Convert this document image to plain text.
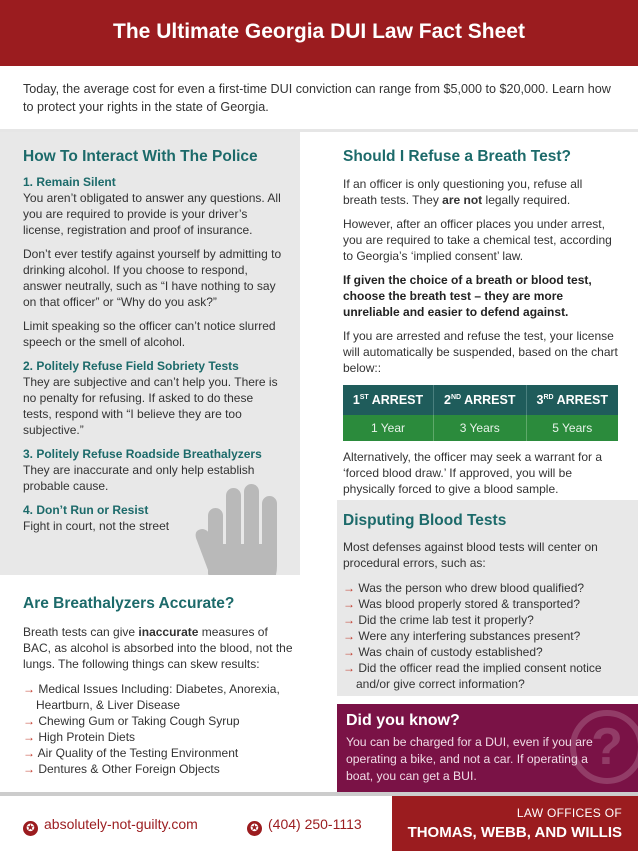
The Ultimate Georgia DUI Law Fact Sheet
Today, the average cost for even a first-time DUI conviction can range from $5,000 to $20,000. Learn how to protect your rights in the state of Georgia.
How To Interact With The Police
1. Remain Silent
You aren’t obligated to answer any questions. All you are required to provide is your driver’s license, registration and proof of insurance.
Don’t ever testify against yourself by admitting to drinking alcohol. If you choose to respond, answer neutrally, such as “I have nothing to say on that officer” or “Why do you ask?”
Limit speaking so the officer can’t notice slurred speech or the smell of alcohol.
2. Politely Refuse Field Sobriety Tests
They are subjective and can’t help you. There is no penalty for refusing. If asked to do these tests, respond with “I believe they are too subjective.”
3. Politely Refuse Roadside Breathalyzers
They are inaccurate and only help establish probable cause.
4. Don’t Run or Resist
Fight in court, not the street
Are Breathalyzers Accurate?
Breath tests can give inaccurate measures of BAC, as alcohol is absorbed into the blood, not the lungs. The following things can skew results:
→ Medical Issues Including: Diabetes, Anorexia, Heartburn, & Liver Disease
→ Chewing Gum or Taking Cough Syrup
→ High Protein Diets
→ Air Quality of the Testing Environment
→ Dentures & Other Foreign Objects
Should I Refuse a Breath Test?
If an officer is only questioning you, refuse all breath tests. They are not legally required.
However, after an officer places you under arrest, you are required to take a chemical test, according to Georgia’s ‘implied consent’ law.
If given the choice of a breath or blood test, choose the breath test – they are more unreliable and easier to defend against.
If you are arrested and refuse the test, your license will automatically be suspended, based on the chart below::
1ST ARREST	2ND ARREST	3RD ARREST
1 Year	3 Years	5 Years
Alternatively, the officer may seek a warrant for a ‘forced blood draw.’ If approved, you will be physically forced to give a blood sample.
Disputing Blood Tests
Most defenses against blood tests will center on procedural errors, such as:
→ Was the person who drew blood qualified?
→ Was blood properly stored & transported?
→ Did the crime lab test it properly?
→ Were any interfering substances present?
→ Was chain of custody established?
→ Did the officer read the implied consent notice and/or give correct information?
?
Did you know?
You can be charged for a DUI, even if you are operating a bike, and not a car. If operating a boat, you can get a BUI.
✪ absolutely-not-guilty.com	✪ (404) 250-1113
LAW OFFICES OF
THOMAS, WEBB, AND WILLIS
